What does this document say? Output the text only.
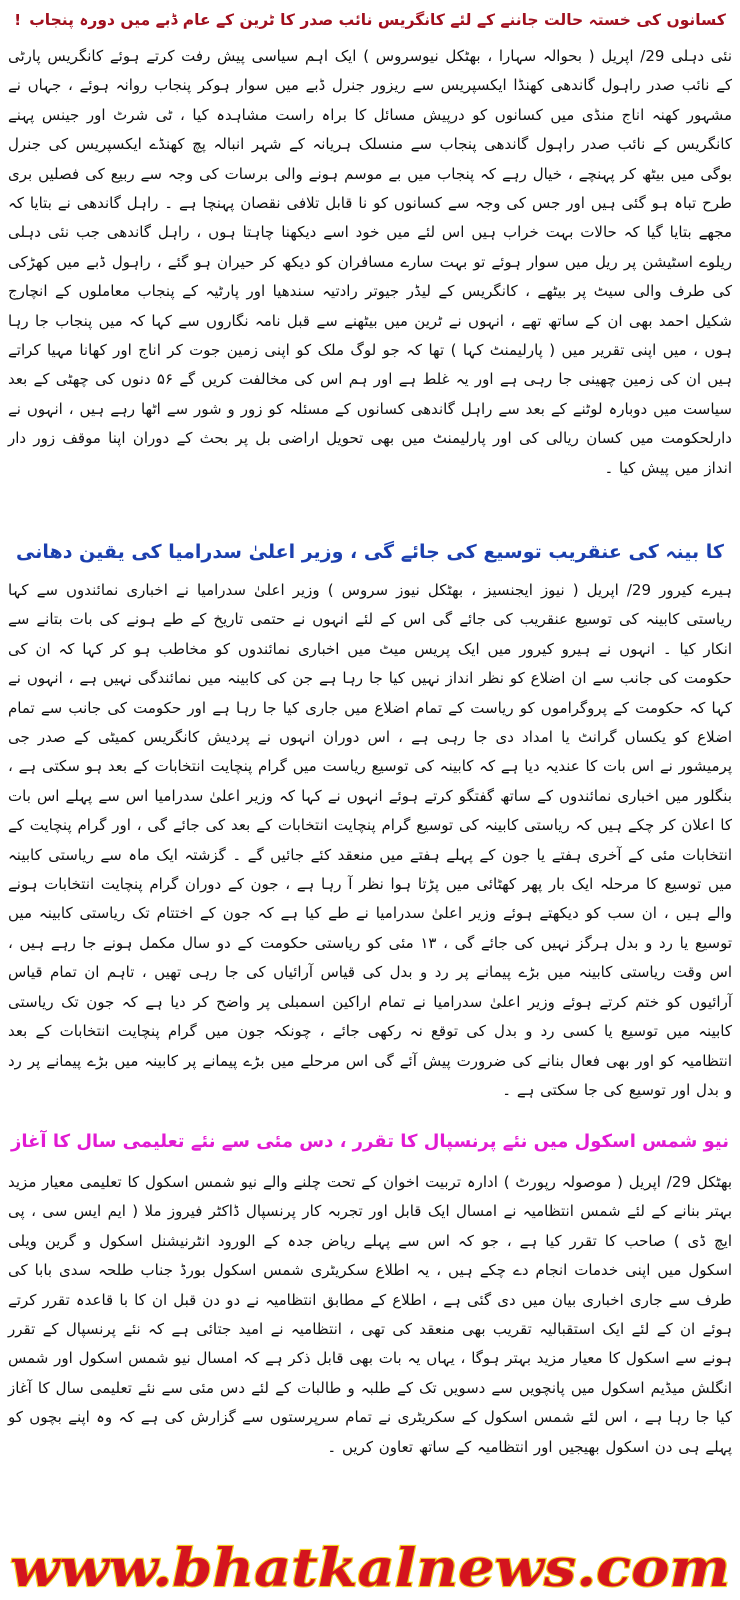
کسانوں کی خستہ حالت جاننے کے لئے کانگریس نائب صدر کا ٹرین کے عام ڈبے میں دورہ پنجاب!

نئی دہلی 29/ اپریل ( بحوالہ سہارا ، بھٹکل نیوسروس ) ایک اہم سیاسی پیش رفت کرتے ہوئے کانگریس پارٹی کے نائب صدر راہول گاندھی کھنڈا ایکسپریس سے ریزور جنرل ڈبے میں سوار ہوکر پنجاب روانہ ہوئے ، جہاں نے مشہور کھنہ اناج منڈی میں کسانوں کو درپیش مسائل کا براہ راست مشاہدہ کیا ، ٹی شرٹ اور جینس پہنے کانگریس کے نائب صدر راہول گاندھی پنجاب سے منسلک ہریانہ کے شہر انبالہ پچ کھنڈے ایکسپریس کی جنرل بوگی میں بیٹھ کر پہنچے ، خیال رہے کہ پنجاب میں بے موسم ہونے والی برسات کی وجہ سے ربیع کی فصلیں بری طرح تباہ ہو گئی ہیں اور جس کی وجہ سے کسانوں کو نا قابل تلافی نقصان پہنچا ہے ۔ راہل گاندھی نے بتایا کہ مجھے بتایا گیا کہ حالات بہت خراب ہیں اس لئے میں خود اسے دیکھنا چاہتا ہوں ، راہل گاندھی جب نئی دہلی ریلوے اسٹیشن پر ریل میں سوار ہوئے تو بہت سارے مسافران کو دیکھ کر حیران ہو گئے ، راہول ڈبے میں کھڑکی کی طرف والی سیٹ پر بیٹھے ، کانگریس کے لیڈر جیوتر رادتیہ سندھیا اور پارٹیہ کے پنجاب معاملوں کے انچارج شکیل احمد بھی ان کے ساتھ تھے ، انہوں نے ٹرین میں بیٹھنے سے قبل نامہ نگاروں سے کہا کہ میں پنجاب جا رہا ہوں ، میں اپنی تقریر میں ( پارلیمنٹ کہا ) تھا کہ جو لوگ ملک کو اپنی زمین جوت کر اناج اور کھانا مہیا کراتے ہیں ان کی زمین چھینی جا رہی ہے اور یہ غلط ہے اور ہم اس کی مخالفت کریں گے ۵۶ دنوں کی چھٹی کے بعد سیاست میں دوبارہ لوٹنے کے بعد سے راہل گاندھی کسانوں کے مسئلہ کو زور و شور سے اٹھا رہے ہیں ، انہوں نے دارلحکومت میں کسان ریالی کی اور پارلیمنٹ میں بھی تحویل اراضی بل پر بحث کے دوران اپنا موقف زور دار انداز میں پیش کیا ۔

کا بینہ کی عنقریب توسیع کی جائے گی ، وزیر اعلیٰ سدرامیا کی یقین دھانی

ہیرے کیرور 29/ اپریل ( نیوز ایجنسیز ، بھٹکل نیوز سروس ) وزیر اعلیٰ سدرامیا نے اخباری نمائندوں سے کہا ریاستی کابینہ کی توسیع عنقریب کی جائے گی اس کے لئے انہوں نے حتمی تاریخ کے طے ہونے کی بات بتانے سے انکار کیا ۔ انہوں نے ہیرو کیرور میں ایک پریس میٹ میں اخباری نمائندوں کو مخاطب ہو کر کہا کہ ان کی حکومت کی جانب سے ان اضلاع کو نظر انداز نہیں کیا جا رہا ہے جن کی کابینہ میں نمائندگی نہیں ہے ، انہوں نے کہا کہ حکومت کے پروگراموں کو ریاست کے تمام اضلاع میں جاری کیا جا رہا ہے اور حکومت کی جانب سے تمام اضلاع کو یکساں گرانٹ یا امداد دی جا رہی ہے ، اس دوران انہوں نے پردیش کانگریس کمیٹی کے صدر جی پرمیشور نے اس بات کا عندیہ دیا ہے کہ کابینہ کی توسیع ریاست میں گرام پنچایت انتخابات کے بعد ہو سکتی ہے ، بنگلور میں اخباری نمائندوں کے ساتھ گفتگو کرتے ہوئے انہوں نے کہا کہ وزیر اعلیٰ سدرامیا اس سے پہلے اس بات کا اعلان کر چکے ہیں کہ ریاستی کابینہ کی توسیع گرام پنچایت انتخابات کے بعد کی جائے گی ، اور گرام پنچایت کے انتخابات مئی کے آخری ہفتے یا جون کے پہلے ہفتے میں منعقد کئے جائیں گے ۔ گزشتہ ایک ماہ سے ریاستی کابینہ میں توسیع کا مرحلہ ایک بار پھر کھٹائی میں پڑتا ہوا نظر آ رہا ہے ، جون کے دوران گرام پنچایت انتخابات ہونے والے ہیں ، ان سب کو دیکھتے ہوئے وزیر اعلیٰ سدرامیا نے طے کیا ہے کہ جون کے اختتام تک ریاستی کابینہ میں توسیع یا رد و بدل ہرگز نہیں کی جائے گی ، ۱۳ مئی کو ریاستی حکومت کے دو سال مکمل ہونے جا رہے ہیں ، اس وقت ریاستی کابینہ میں بڑے پیمانے پر رد و بدل کی قیاس آرائیاں کی جا رہی تھیں ، تاہم ان تمام قیاس آرائیوں کو ختم کرتے ہوئے وزیر اعلیٰ سدرامیا نے تمام اراکین اسمبلی پر واضح کر دیا ہے کہ جون تک ریاستی کابینہ میں توسیع یا کسی رد و بدل کی توقع نہ رکھی جائے ، چونکہ جون میں گرام پنچایت انتخابات کے بعد انتظامیہ کو اور بھی فعال بنانے کی ضرورت پیش آئے گی اس مرحلے میں بڑے پیمانے پر کابینہ میں بڑے پیمانے پر رد و بدل اور توسیع کی جا سکتی ہے ۔

نیو شمس اسکول میں نئے پرنسپال کا تقرر ، دس مئی سے نئے تعلیمی سال کا آغاز

بھٹکل 29/ اپریل ( موصولہ رپورٹ ) ادارہ تربیت اخوان کے تحت چلنے والے نیو شمس اسکول کا تعلیمی معیار مزید بہتر بنانے کے لئے شمس انتظامیہ نے امسال ایک قابل اور تجربہ کار پرنسپال ڈاکٹر فیروز ملا ( ایم ایس سی ، پی ایچ ڈی ) صاحب کا تقرر کیا ہے ، جو کہ اس سے پہلے ریاض جدہ کے الورود انٹرنیشنل اسکول و گرین ویلی اسکول میں اپنی خدمات انجام دے چکے ہیں ، یہ اطلاع سکریٹری شمس اسکول بورڈ جناب طلحہ سدی بابا کی طرف سے جاری اخباری بیان میں دی گئی ہے ، اطلاع کے مطابق انتظامیہ نے دو دن قبل ان کا با قاعدہ تقرر کرتے ہوئے ان کے لئے ایک استقبالیہ تقریب بھی منعقد کی تھی ، انتظامیہ نے امید جتائی ہے کہ نئے پرنسپال کے تقرر ہونے سے اسکول کا معیار مزید بہتر ہوگا ، یہاں یہ بات بھی قابل ذکر ہے کہ امسال نیو شمس اسکول اور شمس انگلش میڈیم اسکول میں پانچویں سے دسویں تک کے طلبہ و طالبات کے لئے دس مئی سے نئے تعلیمی سال کا آغاز کیا جا رہا ہے ، اس لئے شمس اسکول کے سکریٹری نے تمام سرپرستوں سے گزارش کی ہے کہ وہ اپنے بچوں کو پہلے ہی دن اسکول بھیجیں اور انتظامیہ کے ساتھ تعاون کریں ۔

www.bhatkalnews.com
